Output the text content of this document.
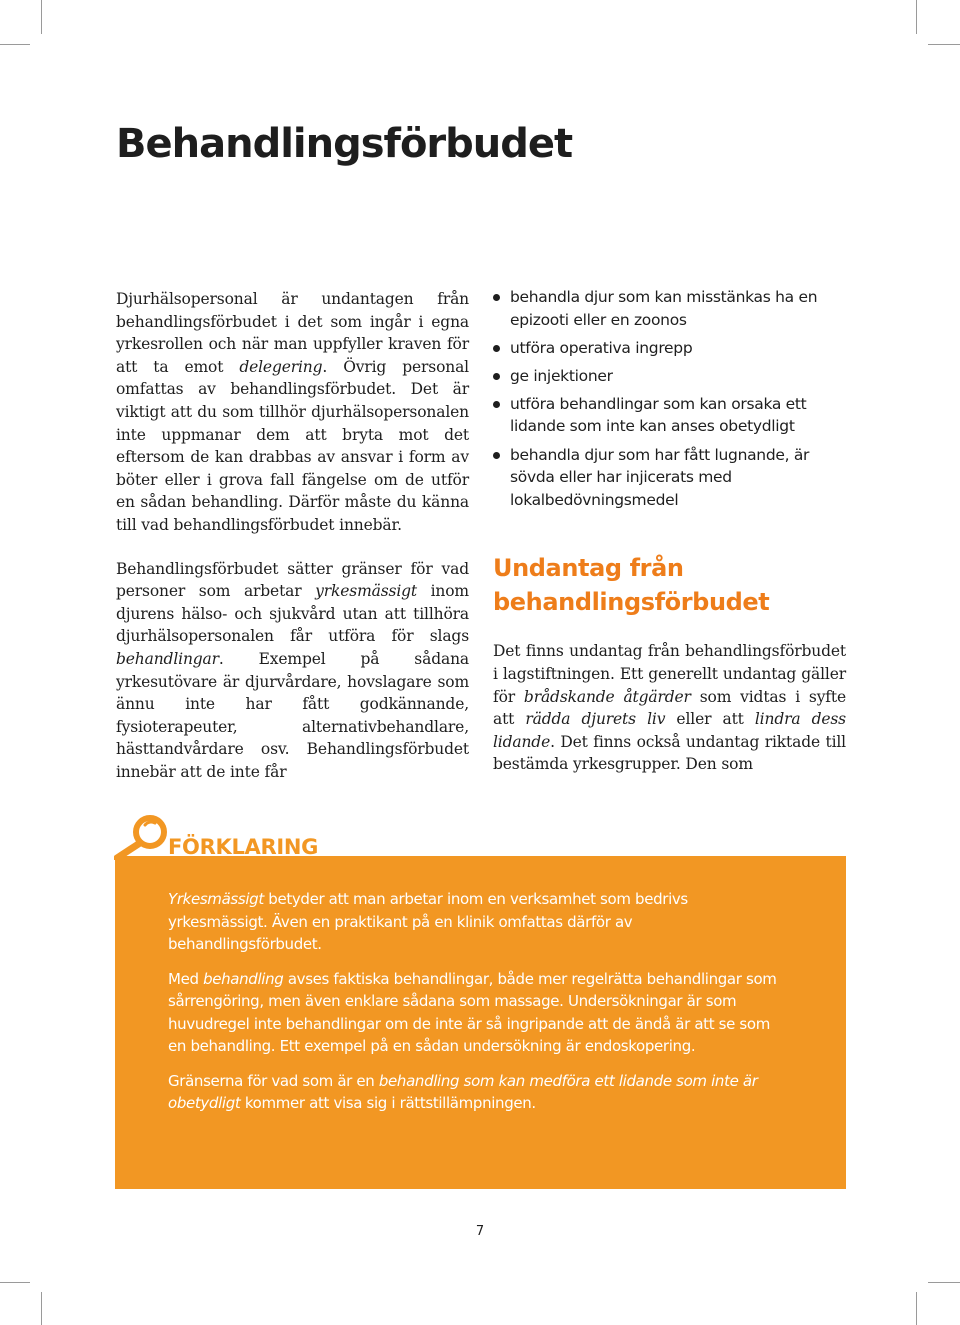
Behandlingsförbudet

Djurhälsopersonal är undantagen från behandlingsförbudet i det som ingår i egna yrkesrollen och när man uppfyller kraven för att ta emot delegering. Övrig personal omfattas av behandlingsförbudet. Det är viktigt att du som tillhör djurhälsopersonalen inte uppmanar dem att bryta mot det eftersom de kan drabbas av ansvar i form av böter eller i grova fall fängelse om de utför en sådan behandling. Därför måste du känna till vad behandlingsförbudet innebär.

Behandlingsförbudet sätter gränser för vad personer som arbetar yrkesmässigt inom djurens hälso- och sjukvård utan att tillhöra djurhälsopersonalen får utföra för slags behandlingar. Exempel på sådana yrkesutövare är djurvårdare, hovslagare som ännu inte har fått godkännande, fysioterapeuter, alternativbehandlare, hästtandvårdare osv. Behandlingsförbudet innebär att de inte får

behandla djur som kan misstänkas ha en epizooti eller en zoonos
utföra operativa ingrepp
ge injektioner
utföra behandlingar som kan orsaka ett lidande som inte kan anses obetydligt
behandla djur som har fått lugnande, är sövda eller har injicerats med lokalbedövningsmedel
Undantag från behandlingsförbudet

Det finns undantag från behandlingsförbudet i lagstiftningen. Ett generellt undantag gäller för brådskande åtgärder som vidtas i syfte att rädda djurets liv eller att lindra dess lidande. Det finns också undantag riktade till bestämda yrkesgrupper. Den som

FÖRKLARING

Yrkesmässigt betyder att man arbetar inom en verksamhet som bedrivs yrkesmässigt. Även en praktikant på en klinik omfattas därför av behandlingsförbudet.

Med behandling avses faktiska behandlingar, både mer regelrätta behandlingar som sårrengöring, men även enklare sådana som massage. Undersökningar är som huvudregel inte behandlingar om de inte är så ingripande att de ändå är att se som en behandling. Ett exempel på en sådan undersökning är endoskopering.

Gränserna för vad som är en behandling som kan medföra ett lidande som inte är obetydligt kommer att visa sig i rättstillämpningen.

7
